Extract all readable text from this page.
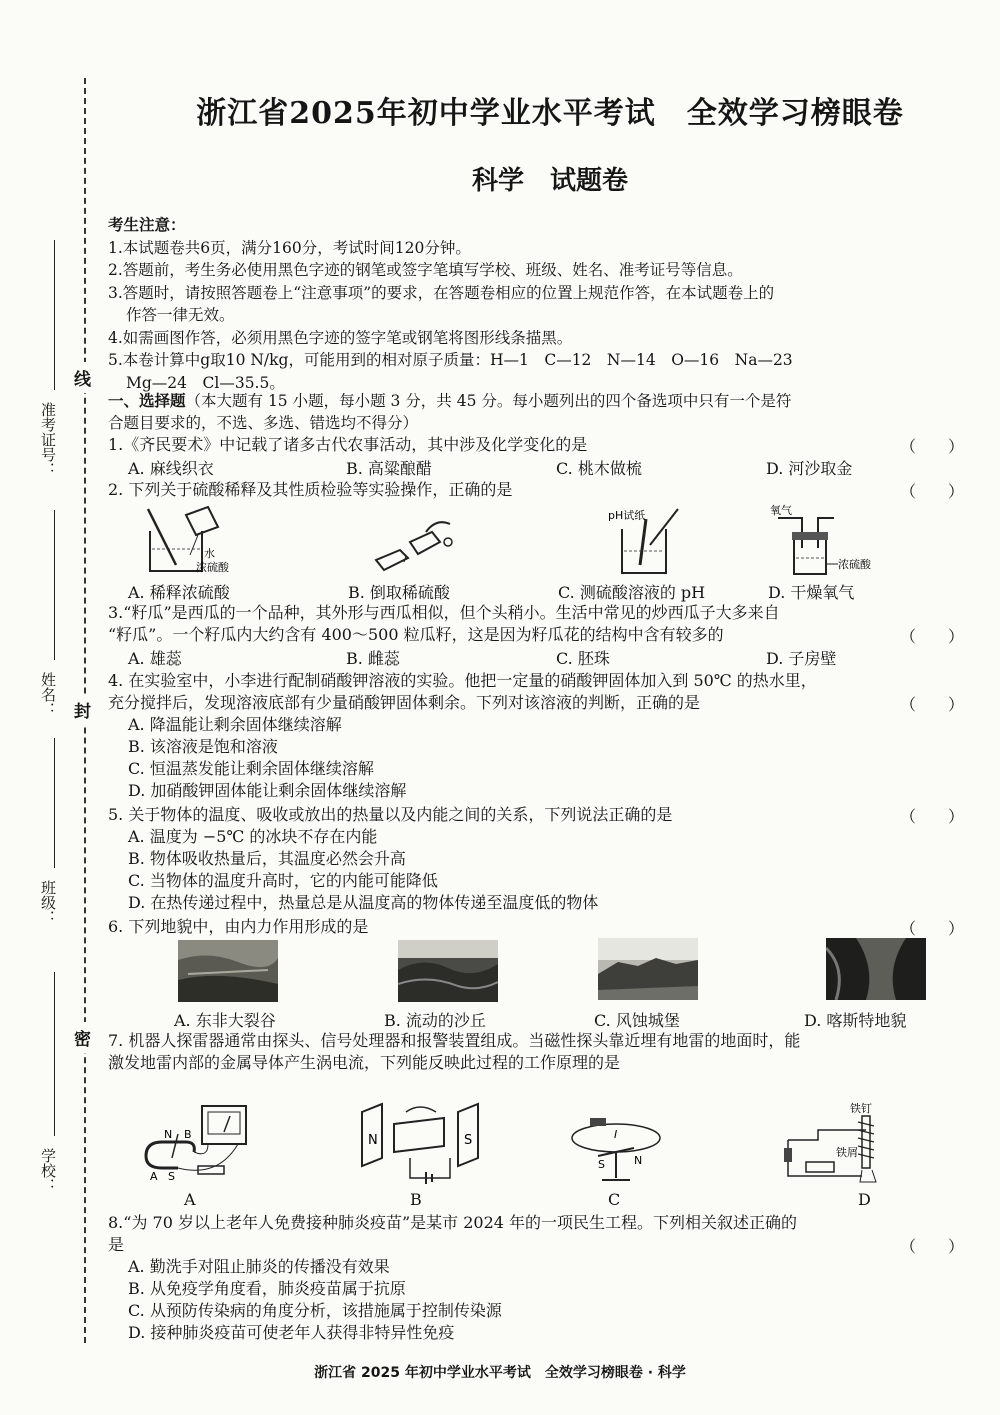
线
封
密
准考证号：
姓名：
班级：
学校：
浙江省2025年初中学业水平考试　全效学习榜眼卷
科学　试题卷
考生注意：
1.本试题卷共6页，满分160分，考试时间120分钟。
2.答题前，考生务必使用黑色字迹的钢笔或签字笔填写学校、班级、姓名、准考证号等信息。
3.答题时，请按照答题卷上“注意事项”的要求，在答题卷相应的位置上规范作答，在本试题卷上的
作答一律无效。
4.如需画图作答，必须用黑色字迹的签字笔或钢笔将图形线条描黑。
5.本卷计算中g取10 N/kg，可能用到的相对原子质量：H—1　C—12　N—14　O—16　Na—23
Mg—24　Cl—35.5。
一、选择题（本大题有 15 小题，每小题 3 分，共 45 分。每小题列出的四个备选项中只有一个是符
合题目要求的，不选、多选、错选均不得分）
1.《齐民要术》中记载了诸多古代农事活动，其中涉及化学变化的是	（　　）
A. 麻线织衣	B. 高粱酿醋	C. 桃木做梳	D. 河沙取金
2. 下列关于硫酸稀释及其性质检验等实验操作，正确的是	（　　）
水
浓硫酸
pH试纸	氧气
浓硫酸
A. 稀释浓硫酸	B. 倒取稀硫酸	C. 测硫酸溶液的 pH	D. 干燥氧气
3.“籽瓜”是西瓜的一个品种，其外形与西瓜相似，但个头稍小。生活中常见的炒西瓜子大多来自
“籽瓜”。一个籽瓜内大约含有 400～500 粒瓜籽，这是因为籽瓜花的结构中含有较多的	（　　）
A. 雄蕊	B. 雌蕊	C. 胚珠	D. 子房壁
4. 在实验室中，小李进行配制硝酸钾溶液的实验。他把一定量的硝酸钾固体加入到 50℃ 的热水里，
充分搅拌后，发现溶液底部有少量硝酸钾固体剩余。下列对该溶液的判断，正确的是	（　　）
A. 降温能让剩余固体继续溶解
B. 该溶液是饱和溶液
C. 恒温蒸发能让剩余固体继续溶解
D. 加硝酸钾固体能让剩余固体继续溶解
5. 关于物体的温度、吸收或放出的热量以及内能之间的关系，下列说法正确的是	（　　）
A. 温度为 −5℃ 的冰块不存在内能
B. 物体吸收热量后，其温度必然会升高
C. 当物体的温度升高时，它的内能可能降低
D. 在热传递过程中，热量总是从温度高的物体传递至温度低的物体
6. 下列地貌中，由内力作用形成的是	（　　）
A. 东非大裂谷	B. 流动的沙丘	C. 风蚀城堡	D. 喀斯特地貌
7. 机器人探雷器通常由探头、信号处理器和报警装置组成。当磁性探头靠近埋有地雷的地面时，能
激发地雷内部的金属导体产生涡电流，下列能反映此过程的工作原理的是
N B
A S
N	S	I
S	N
铁钉
铁屑
A	B	C	D
8.“为 70 岁以上老年人免费接种肺炎疫苗”是某市 2024 年的一项民生工程。下列相关叙述正确的
是	（　　）
A. 勤洗手对阻止肺炎的传播没有效果
B. 从免疫学角度看，肺炎疫苗属于抗原
C. 从预防传染病的角度分析，该措施属于控制传染源
D. 接种肺炎疫苗可使老年人获得非特异性免疫
浙江省 2025 年初中学业水平考试　全效学习榜眼卷 · 科学
